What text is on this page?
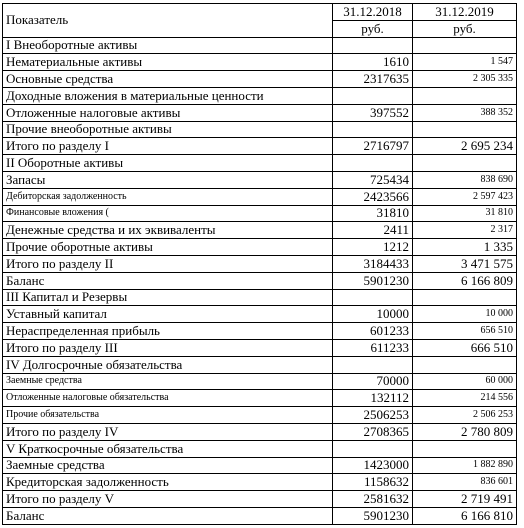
Показатель	31.12.2018	31.12.2019
	руб.	руб.
I Внеоборотные активы		
Нематериальные активы	1610	1 547
Основные средства	2317635	2 305 335
Доходные вложения в материальные ценности		
Отложенные налоговые активы	397552	388 352
Прочие внеоборотные активы		
Итого по разделу I	2716797	2 695 234
II Оборотные активы		
Запасы	725434	838 690
Дебиторская задолженность	2423566	2 597 423
Финансовые вложения (	31810	31 810
Денежные средства и их эквиваленты	2411	2 317
Прочие оборотные активы	1212	1 335
Итого по разделу II	3184433	3 471 575
Баланс	5901230	6 166 809
III Капитал и Резервы		
Уставный капитал	10000	10 000
Нераспределенная прибыль	601233	656 510
Итого по разделу III	611233	666 510
IV Долгосрочные обязательства		
Заемные средства	70000	60 000
Отложенные налоговые обязательства	132112	214 556
Прочие обязательства	2506253	2 506 253
Итого по разделу IV	2708365	2 780 809
V Краткосрочные обязательства		
Заемные средства	1423000	1 882 890
Кредиторская задолженность	1158632	836 601
Итого по разделу V	2581632	2 719 491
Баланс	5901230	6 166 810
